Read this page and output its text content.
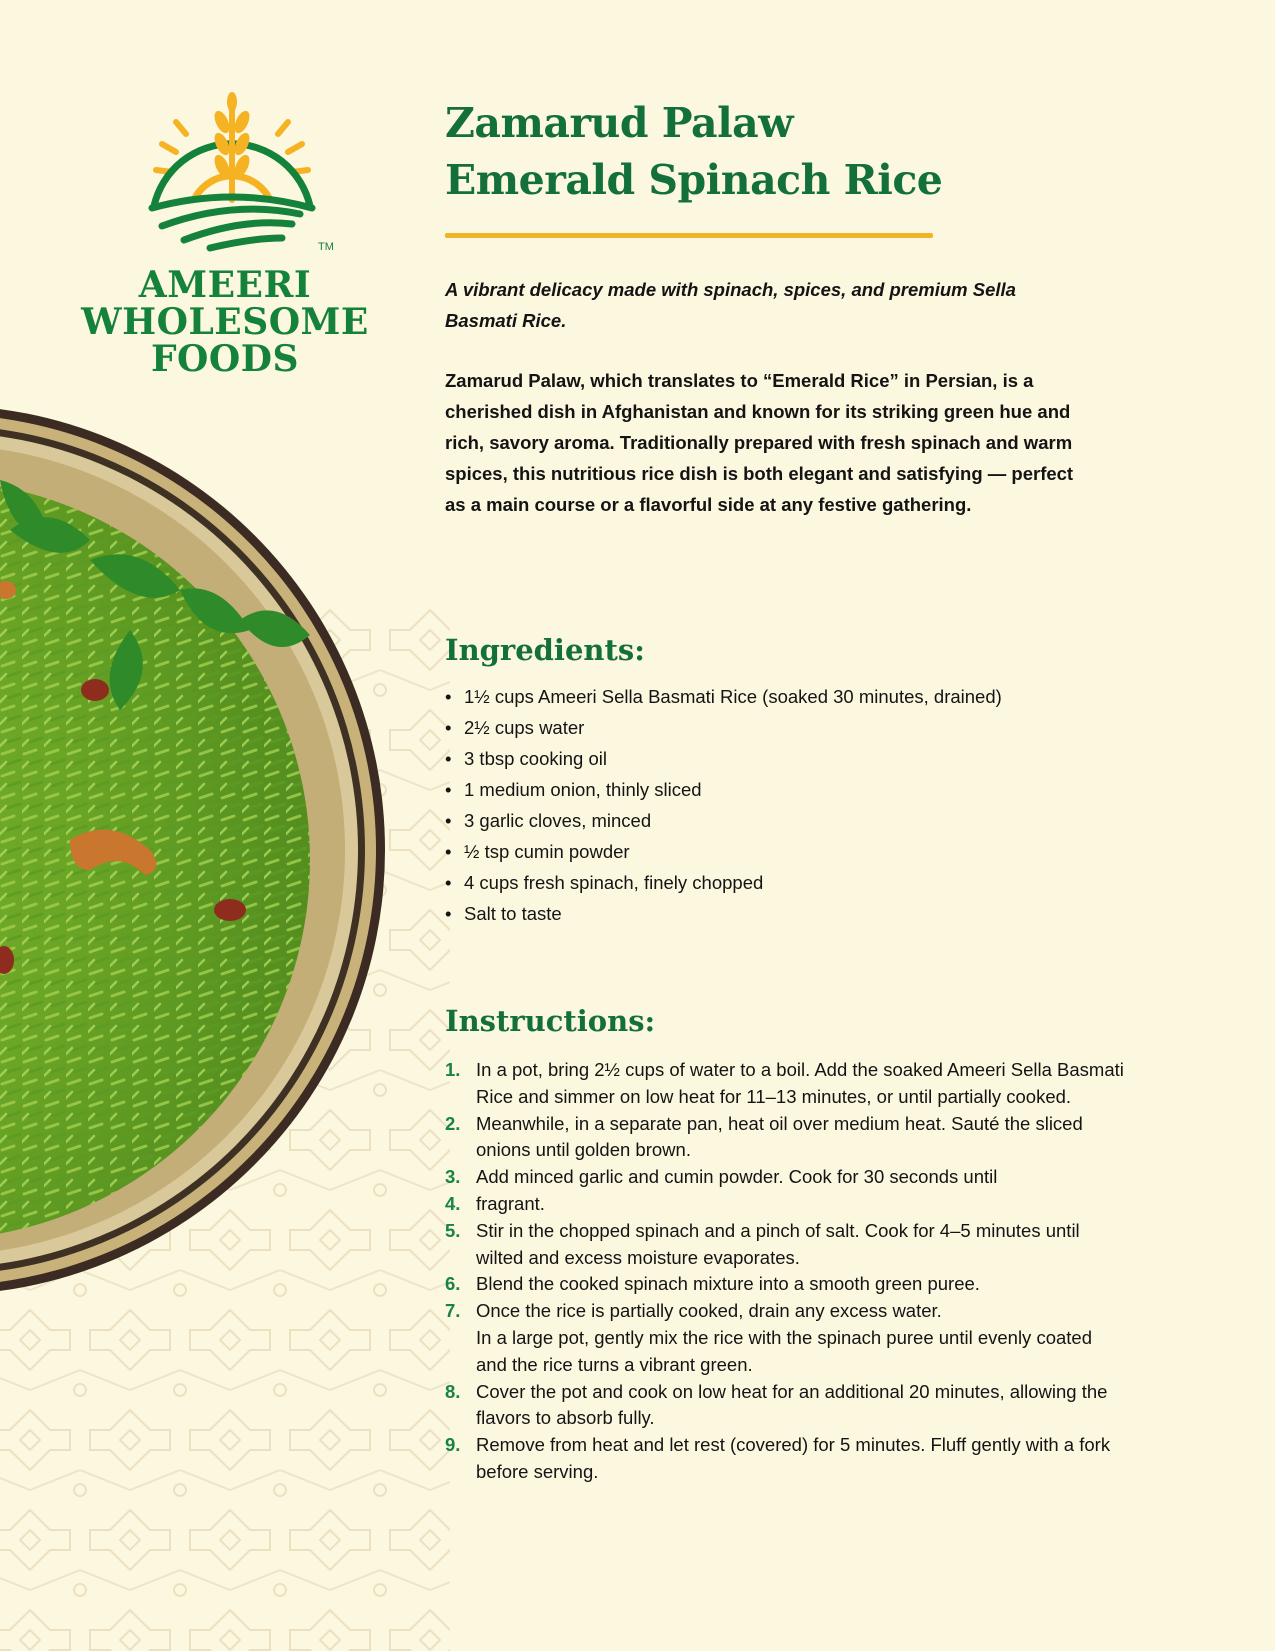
TM
AMEERI
WHOLESOME
FOODS
Zamarud Palaw
Emerald Spinach Rice

A vibrant delicacy made with spinach, spices, and premium Sella Basmati Rice.

Zamarud Palaw, which translates to “Emerald Rice” in Persian, is a cherished dish in Afghanistan and known for its striking green hue and rich, savory aroma. Traditionally prepared with fresh spinach and warm spices, this nutritious rice dish is both elegant and satisfying — perfect as a main course or a flavorful side at any festive gathering.

Ingredients:
• 1½ cups Ameeri Sella Basmati Rice (soaked 30 minutes, drained)
• 2½ cups water
• 3 tbsp cooking oil
• 1 medium onion, thinly sliced
• 3 garlic cloves, minced
• ½ tsp cumin powder
• 4 cups fresh spinach, finely chopped
• Salt to taste
Instructions:
1. In a pot, bring 2½ cups of water to a boil. Add the soaked Ameeri Sella Basmati Rice and simmer on low heat for 11–13 minutes, or until partially cooked.
2. Meanwhile, in a separate pan, heat oil over medium heat. Sauté the sliced onions until golden brown.
3. Add minced garlic and cumin powder. Cook for 30 seconds until
4. fragrant.
5. Stir in the chopped spinach and a pinch of salt. Cook for 4–5 minutes until wilted and excess moisture evaporates.
6. Blend the cooked spinach mixture into a smooth green puree.
7. Once the rice is partially cooked, drain any excess water.
In a large pot, gently mix the rice with the spinach puree until evenly coated and the rice turns a vibrant green.
8. Cover the pot and cook on low heat for an additional 20 minutes, allowing the flavors to absorb fully.
9. Remove from heat and let rest (covered) for 5 minutes. Fluff gently with a fork before serving.
